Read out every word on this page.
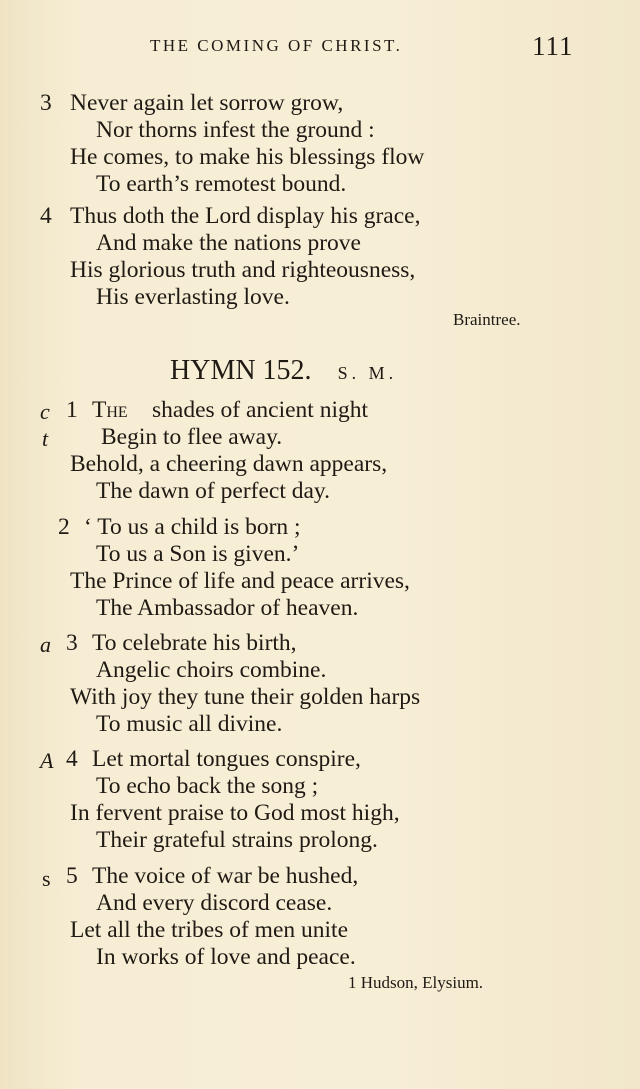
THE COMING OF CHRIST.	111
3 Never again let sorrow grow,
Nor thorns infest the ground :
He comes, to make his blessings flow
To earth’s remotest bound.
4 Thus doth the Lord display his grace,
And make the nations prove
His glorious truth and righteousness,
His everlasting love.
Braintree.
HYMN 152. S. M.
c
t
1 The shades of ancient night
Begin to flee away.
Behold, a cheering dawn appears,
The dawn of perfect day.
2 ‘ To us a child is born ;
To us a Son is given.’
The Prince of life and peace arrives,
The Ambassador of heaven.
a 3 To celebrate his birth,
Angelic choirs combine.
With joy they tune their golden harps
To music all divine.
A 4 Let mortal tongues conspire,
To echo back the song ;
In fervent praise to God most high,
Their grateful strains prolong.
s 5 The voice of war be hushed,
And every discord cease.
Let all the tribes of men unite
In works of love and peace.
1 Hudson, Elysium.
